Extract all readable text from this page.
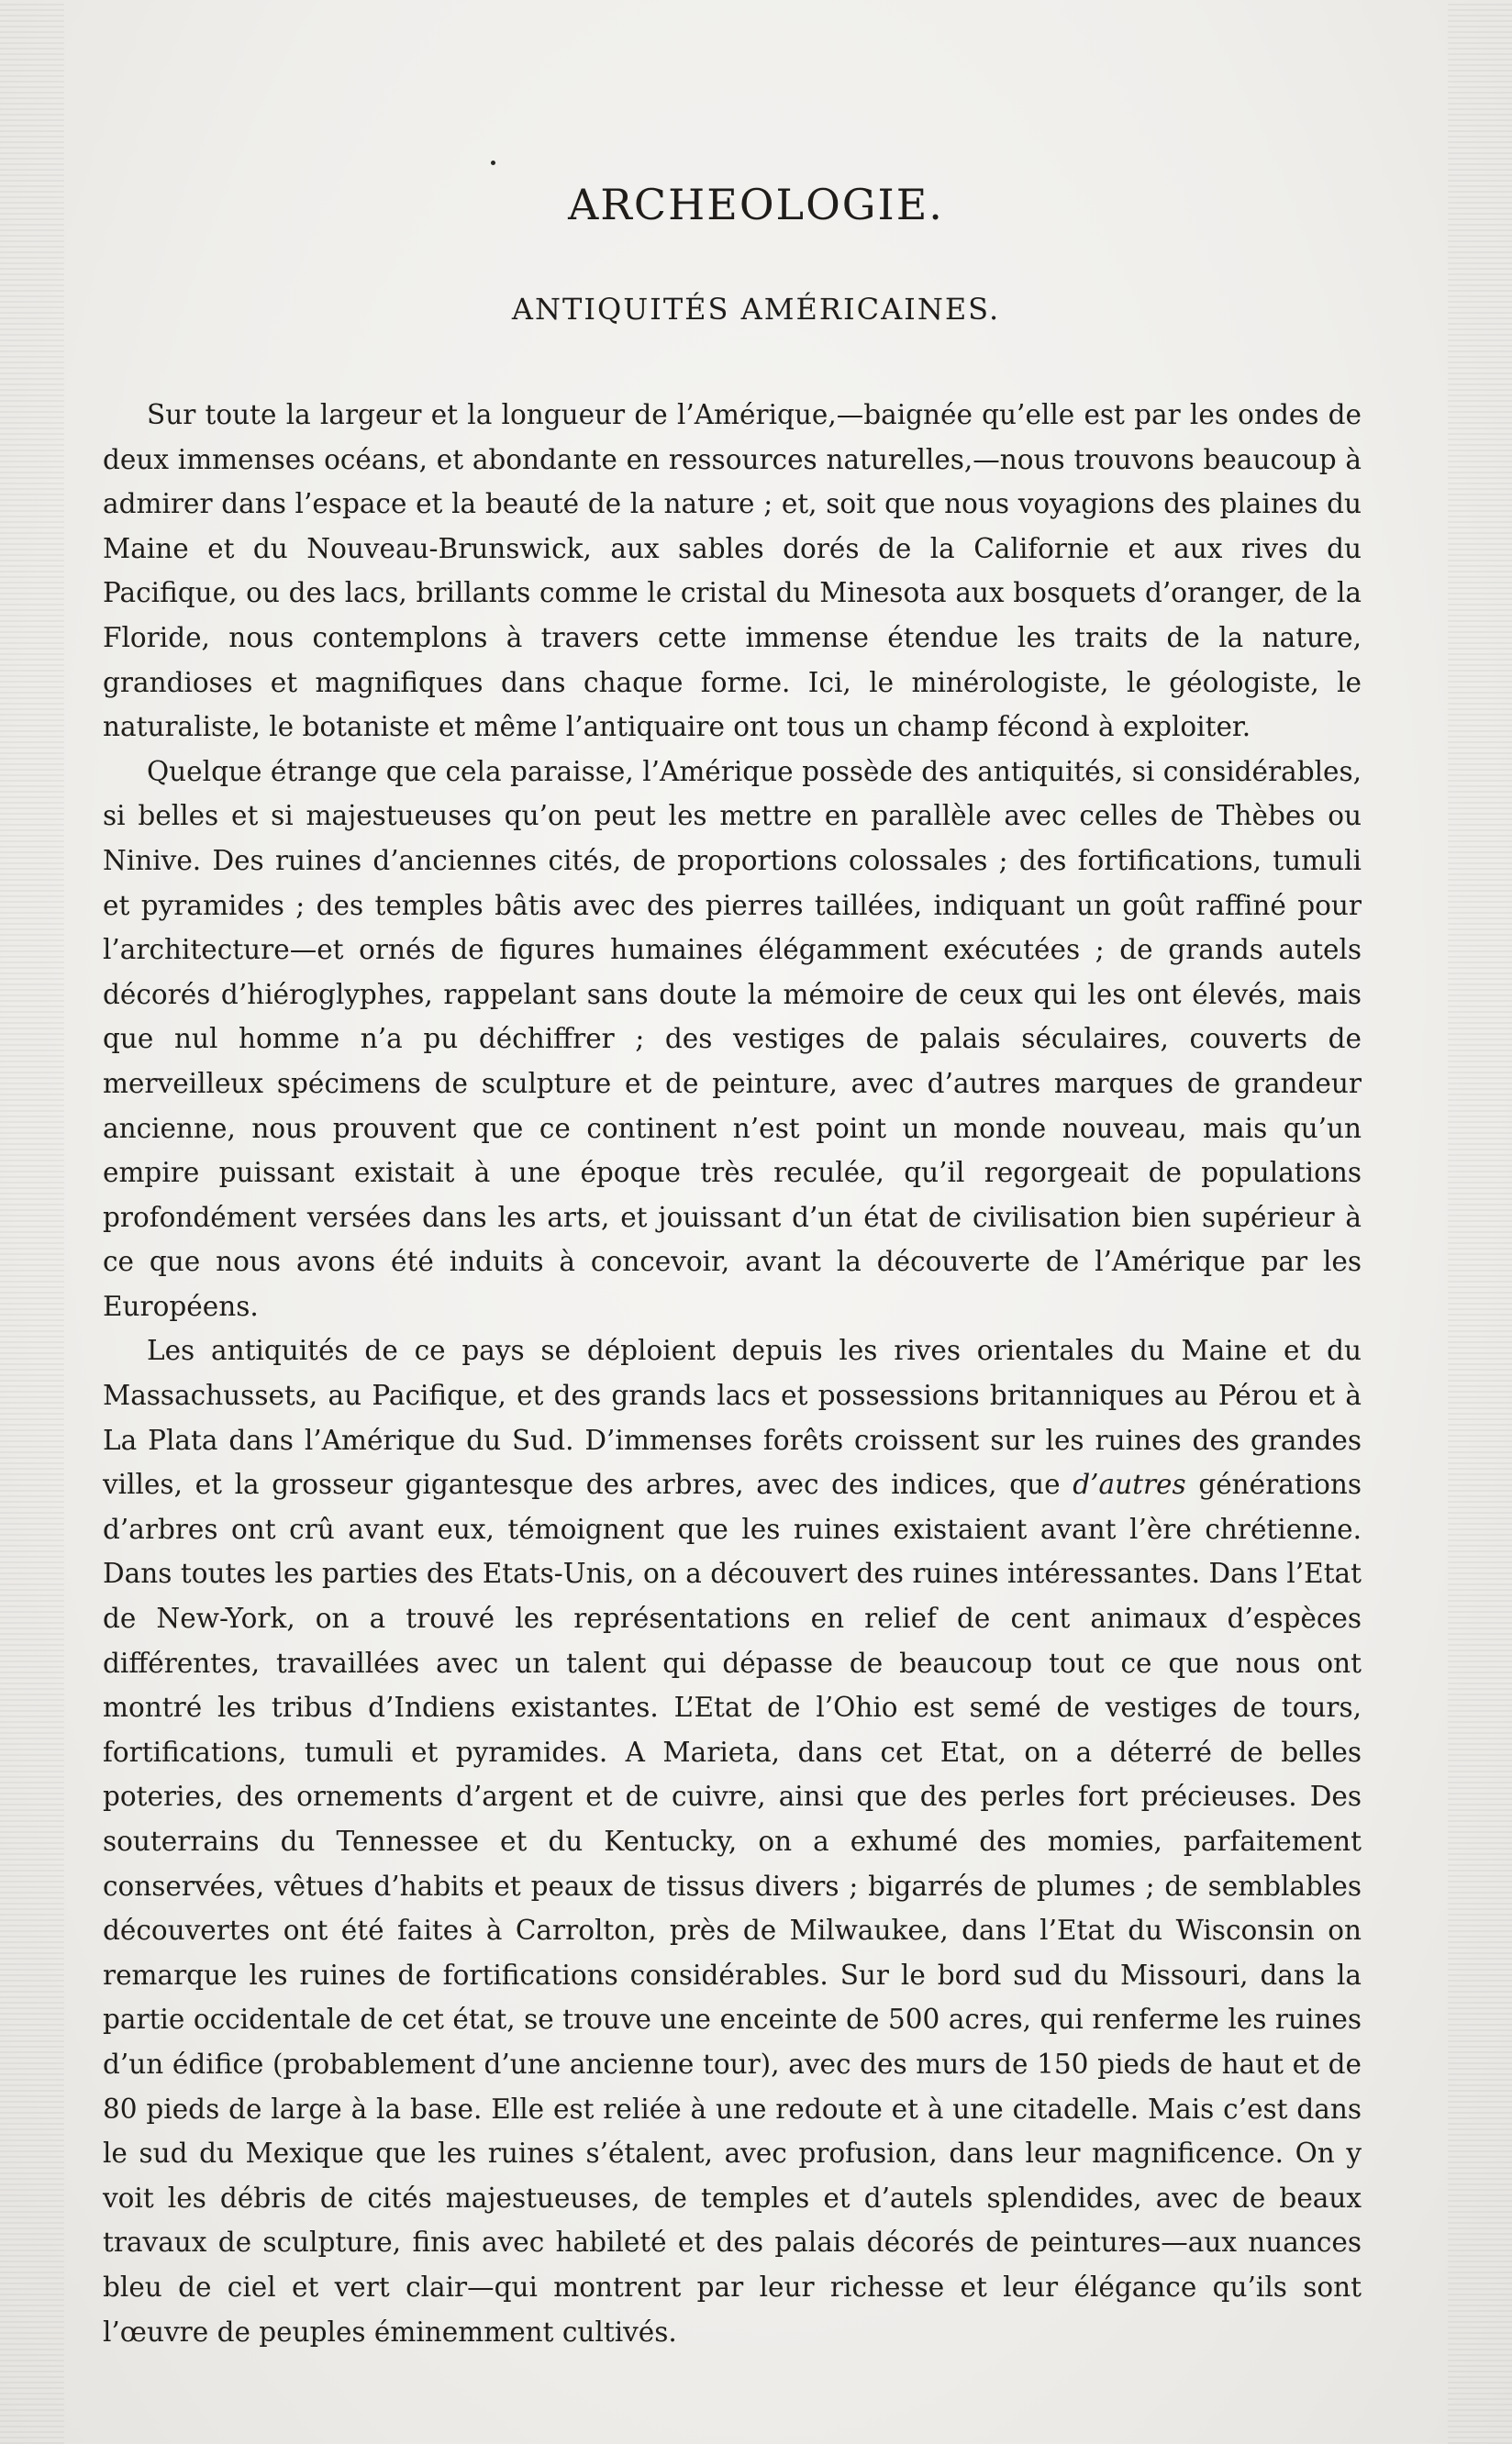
ARCHEOLOGIE.
ANTIQUITÉS AMÉRICAINES.

Sur toute la largeur et la longueur de l’Amérique,—baignée qu’elle est par les ondes de deux immenses océans, et abondante en ressources naturelles,—nous trouvons beaucoup à admirer dans l’espace et la beauté de la nature ; et, soit que nous voyagions des plaines du Maine et du Nouveau-Brunswick, aux sables dorés de la Californie et aux rives du Pacifique, ou des lacs, brillants comme le cristal du Minesota aux bosquets d’oranger, de la Floride, nous contemplons à travers cette immense étendue les traits de la nature, grandioses et magnifiques dans chaque forme. Ici, le minérologiste, le géologiste, le naturaliste, le botaniste et même l’antiquaire ont tous un champ fécond à exploiter.

Quelque étrange que cela paraisse, l’Amérique possède des antiquités, si considérables, si belles et si majestueuses qu’on peut les mettre en parallèle avec celles de Thèbes ou Ninive. Des ruines d’anciennes cités, de proportions colossales ; des fortifications, tumuli et pyramides ; des temples bâtis avec des pierres taillées, indiquant un goût raffiné pour l’architecture—et ornés de figures humaines élégamment exécutées ; de grands autels décorés d’hiéroglyphes, rappelant sans doute la mémoire de ceux qui les ont élevés, mais que nul homme n’a pu déchiffrer ; des vestiges de palais séculaires, couverts de merveilleux spécimens de sculpture et de peinture, avec d’autres marques de grandeur ancienne, nous prouvent que ce continent n’est point un monde nouveau, mais qu’un empire puissant existait à une époque très reculée, qu’il regorgeait de populations profondément versées dans les arts, et jouissant d’un état de civilisation bien supérieur à ce que nous avons été induits à concevoir, avant la découverte de l’Amérique par les Européens.

Les antiquités de ce pays se déploient depuis les rives orientales du Maine et du Massachussets, au Pacifique, et des grands lacs et possessions britanniques au Pérou et à La Plata dans l’Amérique du Sud. D’immenses forêts croissent sur les ruines des grandes villes, et la grosseur gigantesque des arbres, avec des indices, que d’autres générations d’arbres ont crû avant eux, témoignent que les ruines existaient avant l’ère chrétienne. Dans toutes les parties des Etats-Unis, on a découvert des ruines intéressantes. Dans l’Etat de New-York, on a trouvé les représentations en relief de cent animaux d’espèces différentes, travaillées avec un talent qui dépasse de beaucoup tout ce que nous ont montré les tribus d’Indiens existantes. L’Etat de l’Ohio est semé de vestiges de tours, fortifications, tumuli et pyramides. A Marieta, dans cet Etat, on a déterré de belles poteries, des ornements d’argent et de cuivre, ainsi que des perles fort précieuses. Des souterrains du Tennessee et du Kentucky, on a exhumé des momies, parfaitement conservées, vêtues d’habits et peaux de tissus divers ; bigarrés de plumes ; de semblables découvertes ont été faites à Carrolton, près de Milwaukee, dans l’Etat du Wisconsin on remarque les ruines de fortifications considérables. Sur le bord sud du Missouri, dans la partie occidentale de cet état, se trouve une enceinte de 500 acres, qui renferme les ruines d’un édifice (probablement d’une ancienne tour), avec des murs de 150 pieds de haut et de 80 pieds de large à la base. Elle est reliée à une redoute et à une citadelle. Mais c’est dans le sud du Mexique que les ruines s’étalent, avec profusion, dans leur magnificence. On y voit les débris de cités majestueuses, de temples et d’autels splendides, avec de beaux travaux de sculpture, finis avec habileté et des palais décorés de peintures—aux nuances bleu de ciel et vert clair—qui montrent par leur richesse et leur élégance qu’ils sont l’œuvre de peuples éminemment cultivés.
